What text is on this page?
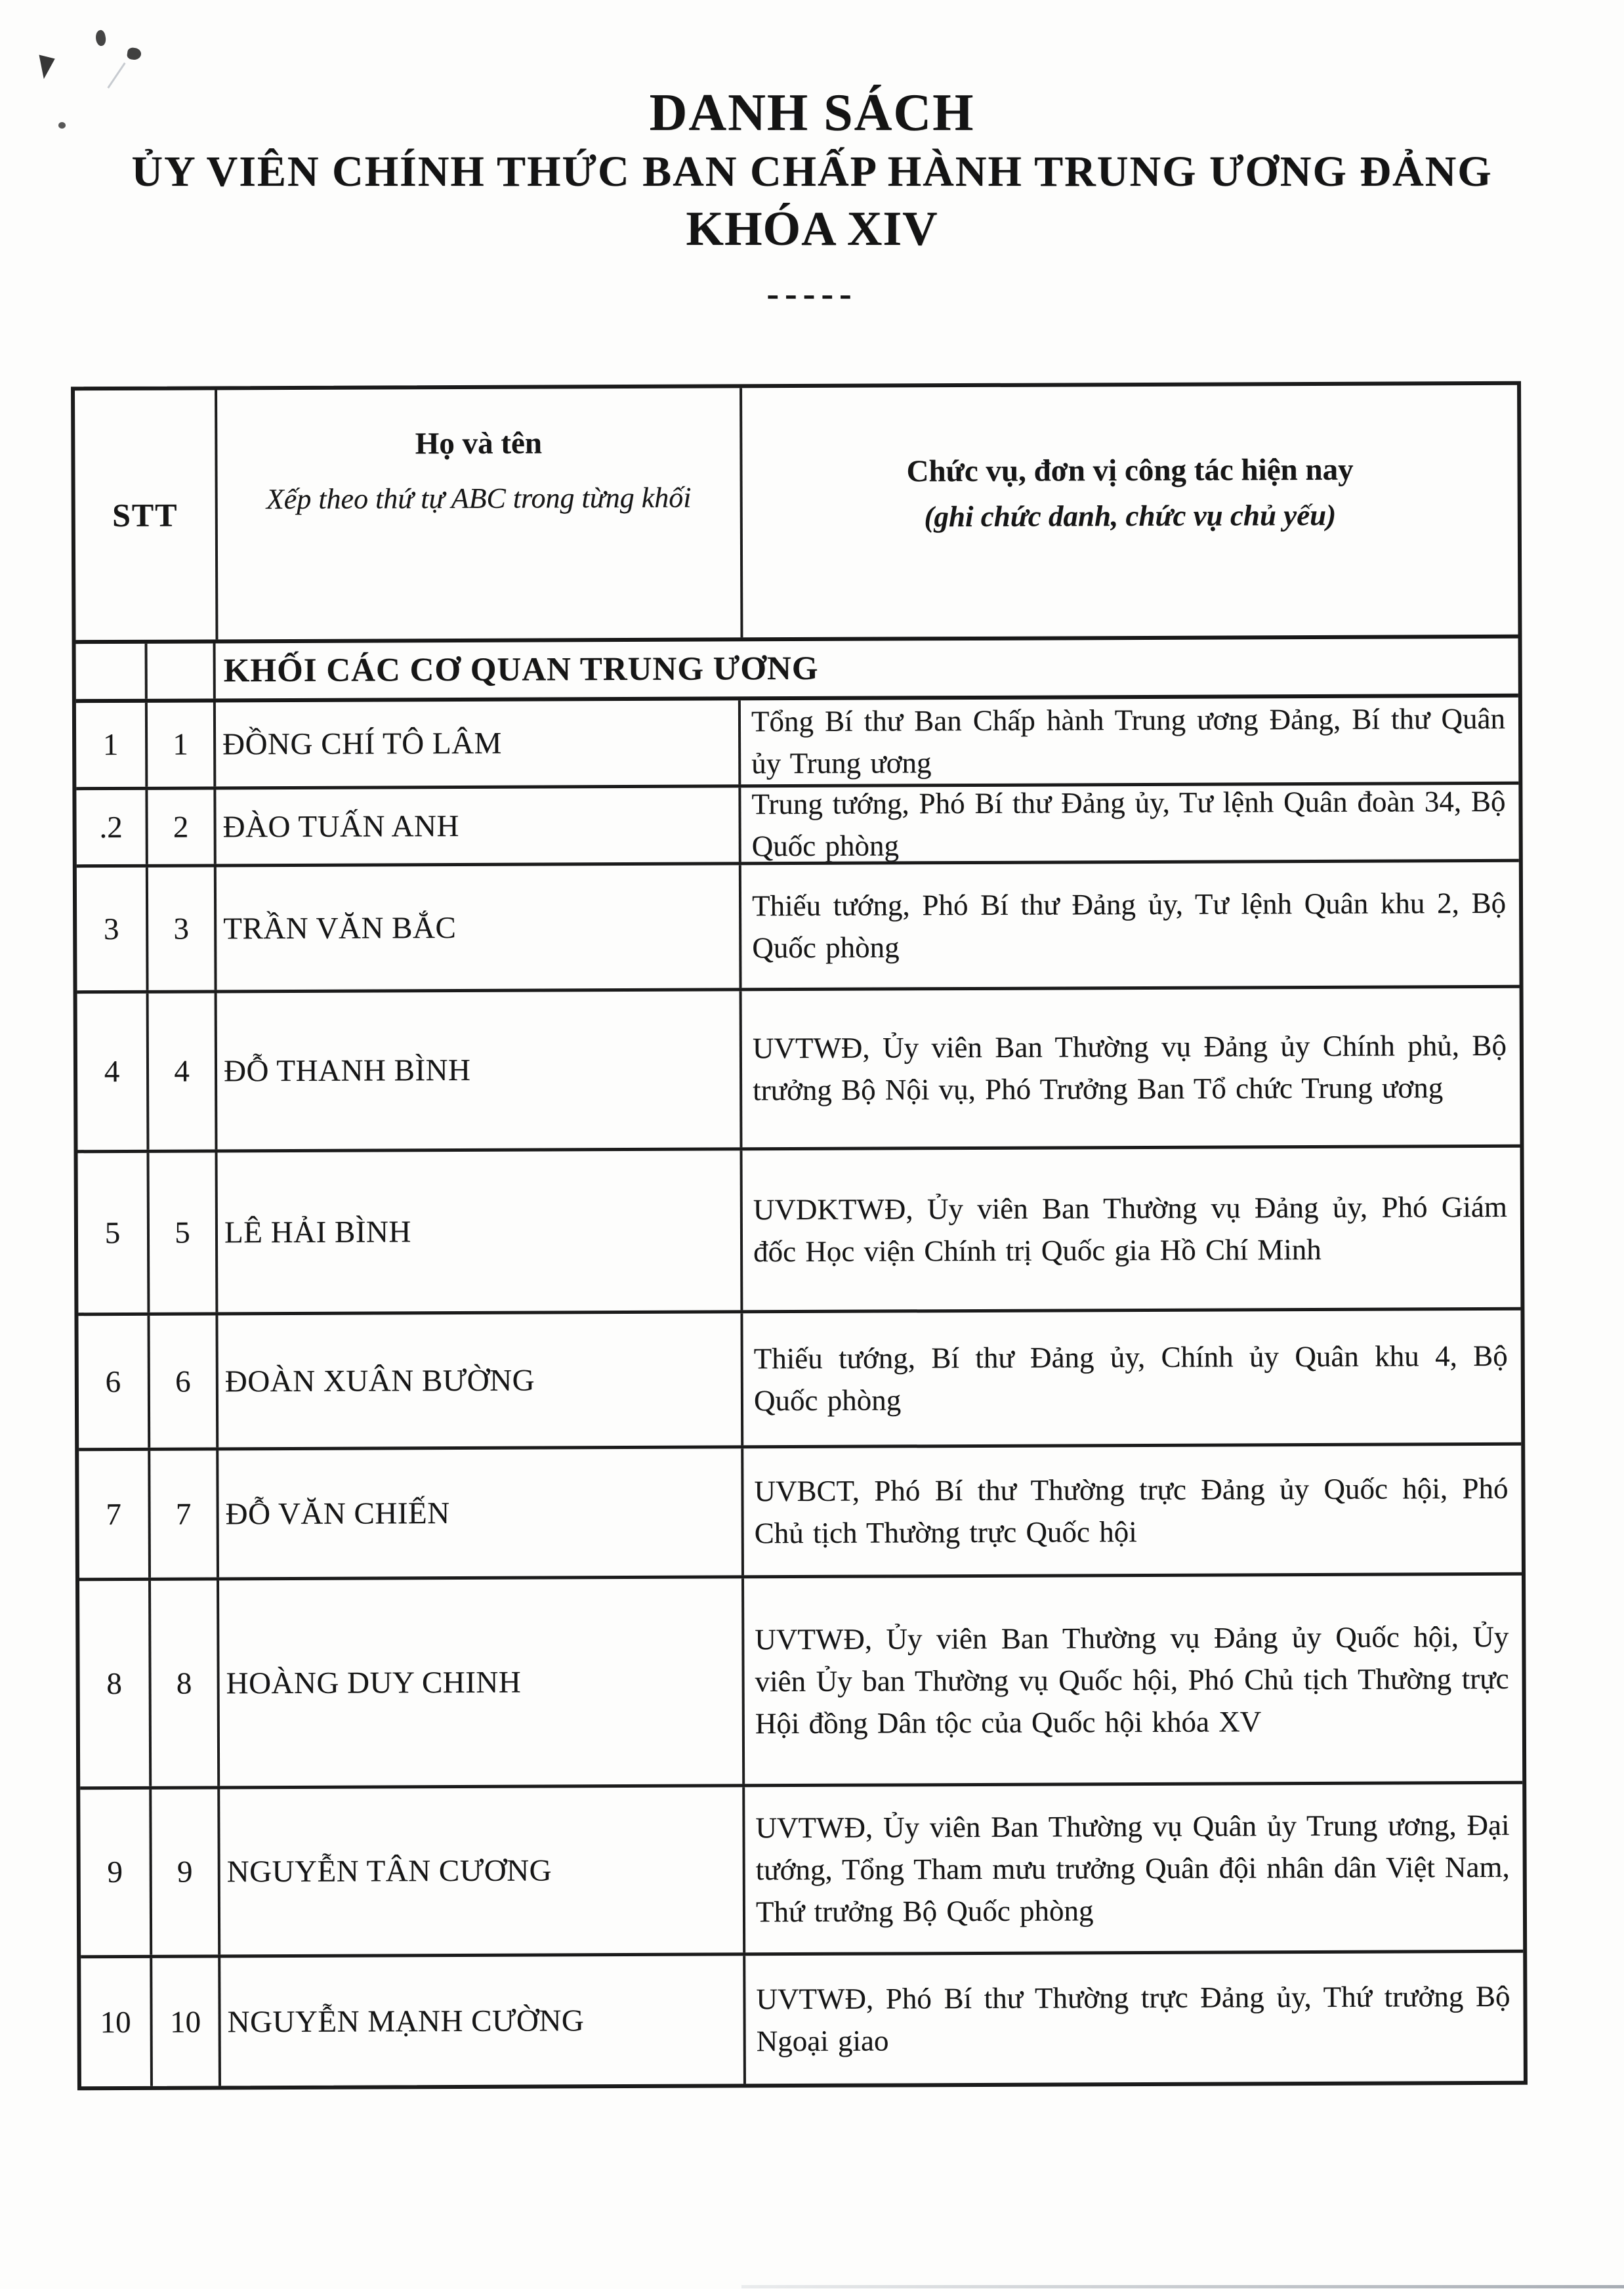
DANH SÁCH
ỦY VIÊN CHÍNH THỨC BAN CHẤP HÀNH TRUNG ƯƠNG ĐẢNG
KHÓA XIV
-----
STT
Họ và tên
Xếp theo thứ tự ABC trong từng khối
Chức vụ, đơn vị công tác hiện nay
(ghi chức danh, chức vụ chủ yếu)
KHỐI CÁC CƠ QUAN TRUNG ƯƠNG
1 1 ĐỒNG CHÍ TÔ LÂM
Tổng Bí thư Ban Chấp hành Trung ương Đảng, Bí thư Quân ủy Trung ương
.2 2 ĐÀO TUẤN ANH
Trung tướng, Phó Bí thư Đảng ủy, Tư lệnh Quân đoàn 34, Bộ Quốc phòng
3 3 TRẦN VĂN BẮC
Thiếu tướng, Phó Bí thư Đảng ủy, Tư lệnh Quân khu 2, Bộ Quốc phòng
4 4 ĐỖ THANH BÌNH
UVTWĐ, Ủy viên Ban Thường vụ Đảng ủy Chính phủ, Bộ trưởng Bộ Nội vụ, Phó Trưởng Ban Tổ chức Trung ương
5 5 LÊ HẢI BÌNH
UVDKTWĐ, Ủy viên Ban Thường vụ Đảng ủy, Phó Giám đốc Học viện Chính trị Quốc gia Hồ Chí Minh
6 6 ĐOÀN XUÂN BƯỜNG
Thiếu tướng, Bí thư Đảng ủy, Chính ủy Quân khu 4, Bộ Quốc phòng
7 7 ĐỖ VĂN CHIẾN
UVBCT, Phó Bí thư Thường trực Đảng ủy Quốc hội, Phó Chủ tịch Thường trực Quốc hội
8 8 HOÀNG DUY CHINH
UVTWĐ, Ủy viên Ban Thường vụ Đảng ủy Quốc hội, Ủy viên Ủy ban Thường vụ Quốc hội, Phó Chủ tịch Thường trực Hội đồng Dân tộc của Quốc hội khóa XV
9 9 NGUYỄN TÂN CƯƠNG
UVTWĐ, Ủy viên Ban Thường vụ Quân ủy Trung ương, Đại tướng, Tổng Tham mưu trưởng Quân đội nhân dân Việt Nam, Thứ trưởng Bộ Quốc phòng
10 10 NGUYỄN MẠNH CƯỜNG
UVTWĐ, Phó Bí thư Thường trực Đảng ủy, Thứ trưởng Bộ Ngoại giao
